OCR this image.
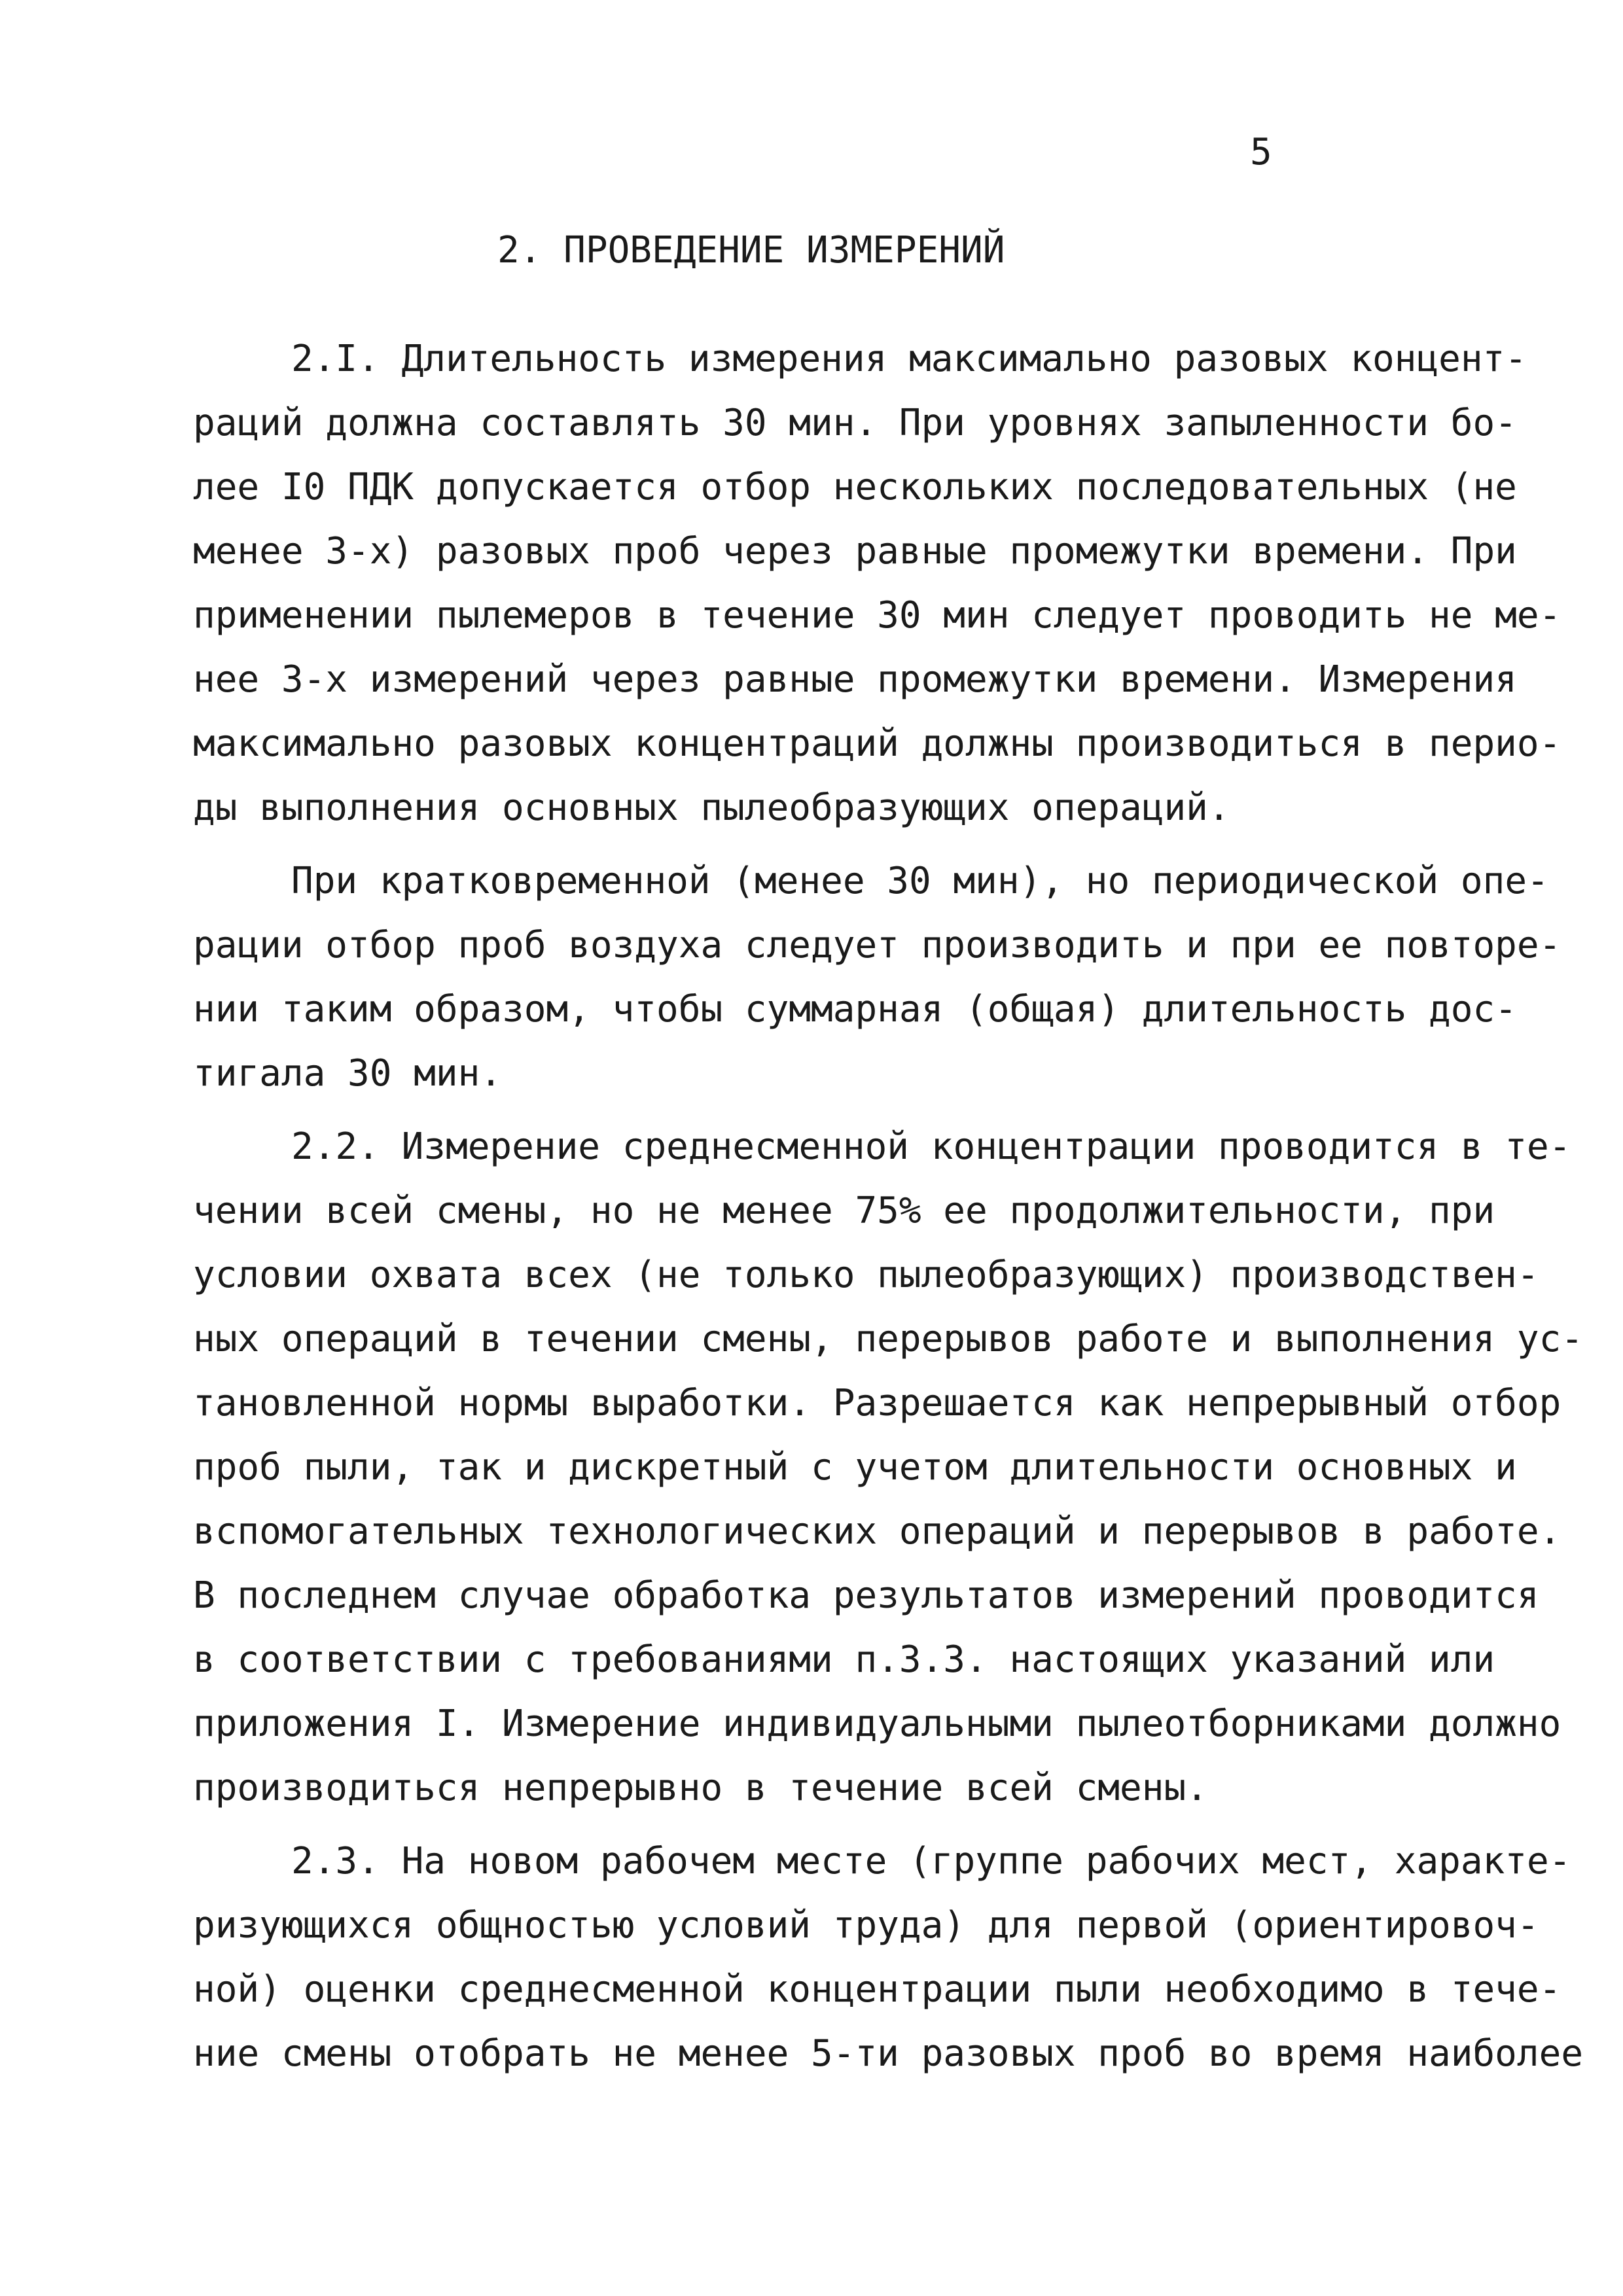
5
2. ПРОВЕДЕНИЕ ИЗМЕРЕНИЙ
2.I. Длительность измерения максимально разовых концент-
раций должна составлять 30 мин. При уровнях запыленности бо-
лее I0 ПДК допускается отбор нескольких последовательных (не
менее 3-х) разовых проб через равные промежутки времени. При
применении пылемеров в течение 30 мин следует проводить не ме-
нее 3-х измерений через равные промежутки времени. Измерения
максимально разовых концентраций должны производиться в перио-
ды выполнения основных пылеобразующих операций.
При кратковременной (менее 30 мин), но периодической опе-
рации отбор проб воздуха следует производить и при ее повторе-
нии таким образом, чтобы суммарная (общая) длительность дос-
тигала 30 мин.
2.2. Измерение среднесменной концентрации проводится в те-
чении всей смены, но не менее 75% ее продолжительности, при
условии охвата всех (не только пылеобразующих) производствен-
ных операций в течении смены, перерывов работе и выполнения ус-
тановленной нормы выработки. Разрешается как непрерывный отбор
проб пыли, так и дискретный с учетом длительности основных и
вспомогательных технологических операций и перерывов в работе.
В последнем случае обработка результатов измерений проводится
в соответствии с требованиями п.3.3. настоящих указаний или
приложения I. Измерение индивидуальными пылеотборниками должно
производиться непрерывно в течение всей смены.
2.3. На новом рабочем месте (группе рабочих мест, характе-
ризующихся общностью условий труда) для первой (ориентировоч-
ной) оценки среднесменной концентрации пыли необходимо в тече-
ние смены отобрать не менее 5-ти разовых проб во время наиболее
